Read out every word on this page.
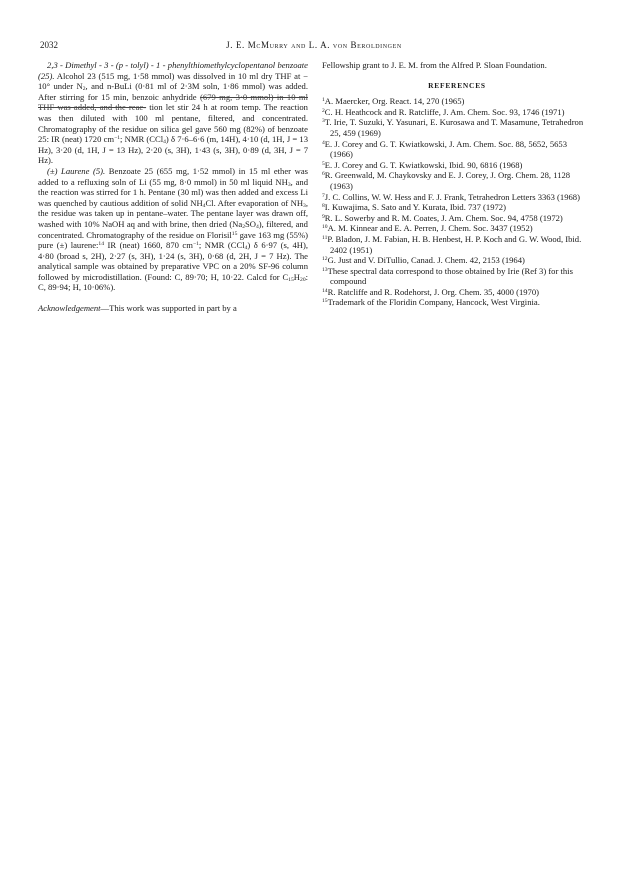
2032	J. E. McMurry and L. A. von Beroldingen

2,3 - Dimethyl - 3 - (p - tolyl) - 1 - phenylthiomethylcyclopentanol benzoate (25). Alcohol 23 (515 mg, 1·58 mmol) was dissolved in 10 ml dry THF at − 10° under $N_2$, and n-BuLi (0·81 ml of 2·3M soln, 1·86 mmol) was added. After stirring for 15 min, benzoic anhydride (679 mg, 3·0 mmol) in 10 ml THF was added, and the reac- tion let stir 24 h at room temp. The reaction was then diluted with 100 ml pentane, filtered, and concentrated. Chromatography of the residue on silica gel gave 560 mg (82%) of benzoate 25: IR (neat) 1720 $cm^{-1}$; NMR (CCl$_4$) δ 7·6–6·6 (m, 14H), 4·10 (d, 1H, J = 13 Hz), 3·20 (d, 1H, J = 13 Hz), 2·20 (s, 3H), 1·43 (s, 3H), 0·89 (d, 3H, J = 7 Hz).

(±) Laurene (5). Benzoate 25 (655 mg, 1·52 mmol) in 15 ml ether was added to a refluxing soln of Li (55 mg, 8·0 mmol) in 50 ml liquid $NH_3$, and the reaction was stirred for 1 h. Pentane (30 ml) was then added and excess Li was quenched by cautious addition of solid $NH_4Cl$. After evaporation of $NH_3$, the residue was taken up in pentane–water. The pentane layer was drawn off, washed with 10% NaOH aq and with brine, then dried $(Na_2SO_4)$, filtered, and concentrated. Chromatography of the residue on Florisil$^{15}$ gave 163 mg (55%) pure (±) laurene:$^{14}$ IR (neat) 1660, 870 $cm^{-1}$; NMR (CCl$_4$) δ 6·97 (s, 4H), 4·80 (broad s, 2H), 2·27 (s, 3H), 1·24 (s, 3H), 0·68 (d, 2H, J = 7 Hz). The analytical sample was obtained by preparative VPC on a 20% SF-96 column followed by microdistillation. (Found: C, 89·70; H, 10·22. Calcd for $C_{15}H_{20}$: C, 89·94; H, 10·06%).

Acknowledgement—This work was supported in part by a

Fellowship grant to J. E. M. from the Alfred P. Sloan Foundation.

REFERENCES

$^1$A. Maercker, Org. React. 14, 270 (1965)

$^2$C. H. Heathcock and R. Ratcliffe, J. Am. Chem. Soc. 93, 1746 (1971)

$^3$T. Irie, T. Suzuki, Y. Yasunari, E. Kurosawa and T. Masamune, Tetrahedron 25, 459 (1969)

$^4$E. J. Corey and G. T. Kwiatkowski, J. Am. Chem. Soc. 88, 5652, 5653 (1966)

$^5$E. J. Corey and G. T. Kwiatkowski, Ibid. 90, 6816 (1968)

$^6$R. Greenwald, M. Chaykovsky and E. J. Corey, J. Org. Chem. 28, 1128 (1963)

$^7$J. C. Collins, W. W. Hess and F. J. Frank, Tetrahedron Letters 3363 (1968)

$^8$I. Kuwajima, S. Sato and Y. Kurata, Ibid. 737 (1972)

$^9$R. L. Sowerby and R. M. Coates, J. Am. Chem. Soc. 94, 4758 (1972)

$^{10}$A. M. Kinnear and E. A. Perren, J. Chem. Soc. 3437 (1952)

$^{11}$P. Bladon, J. M. Fabian, H. B. Henbest, H. P. Koch and G. W. Wood, Ibid. 2402 (1951)

$^{12}$G. Just and V. DiTullio, Canad. J. Chem. 42, 2153 (1964)

$^{13}$These spectral data correspond to those obtained by Irie (Ref 3) for this compound

$^{14}$R. Ratcliffe and R. Rodehorst, J. Org. Chem. 35, 4000 (1970)

$^{15}$Trademark of the Floridin Company, Hancock, West Virginia.
